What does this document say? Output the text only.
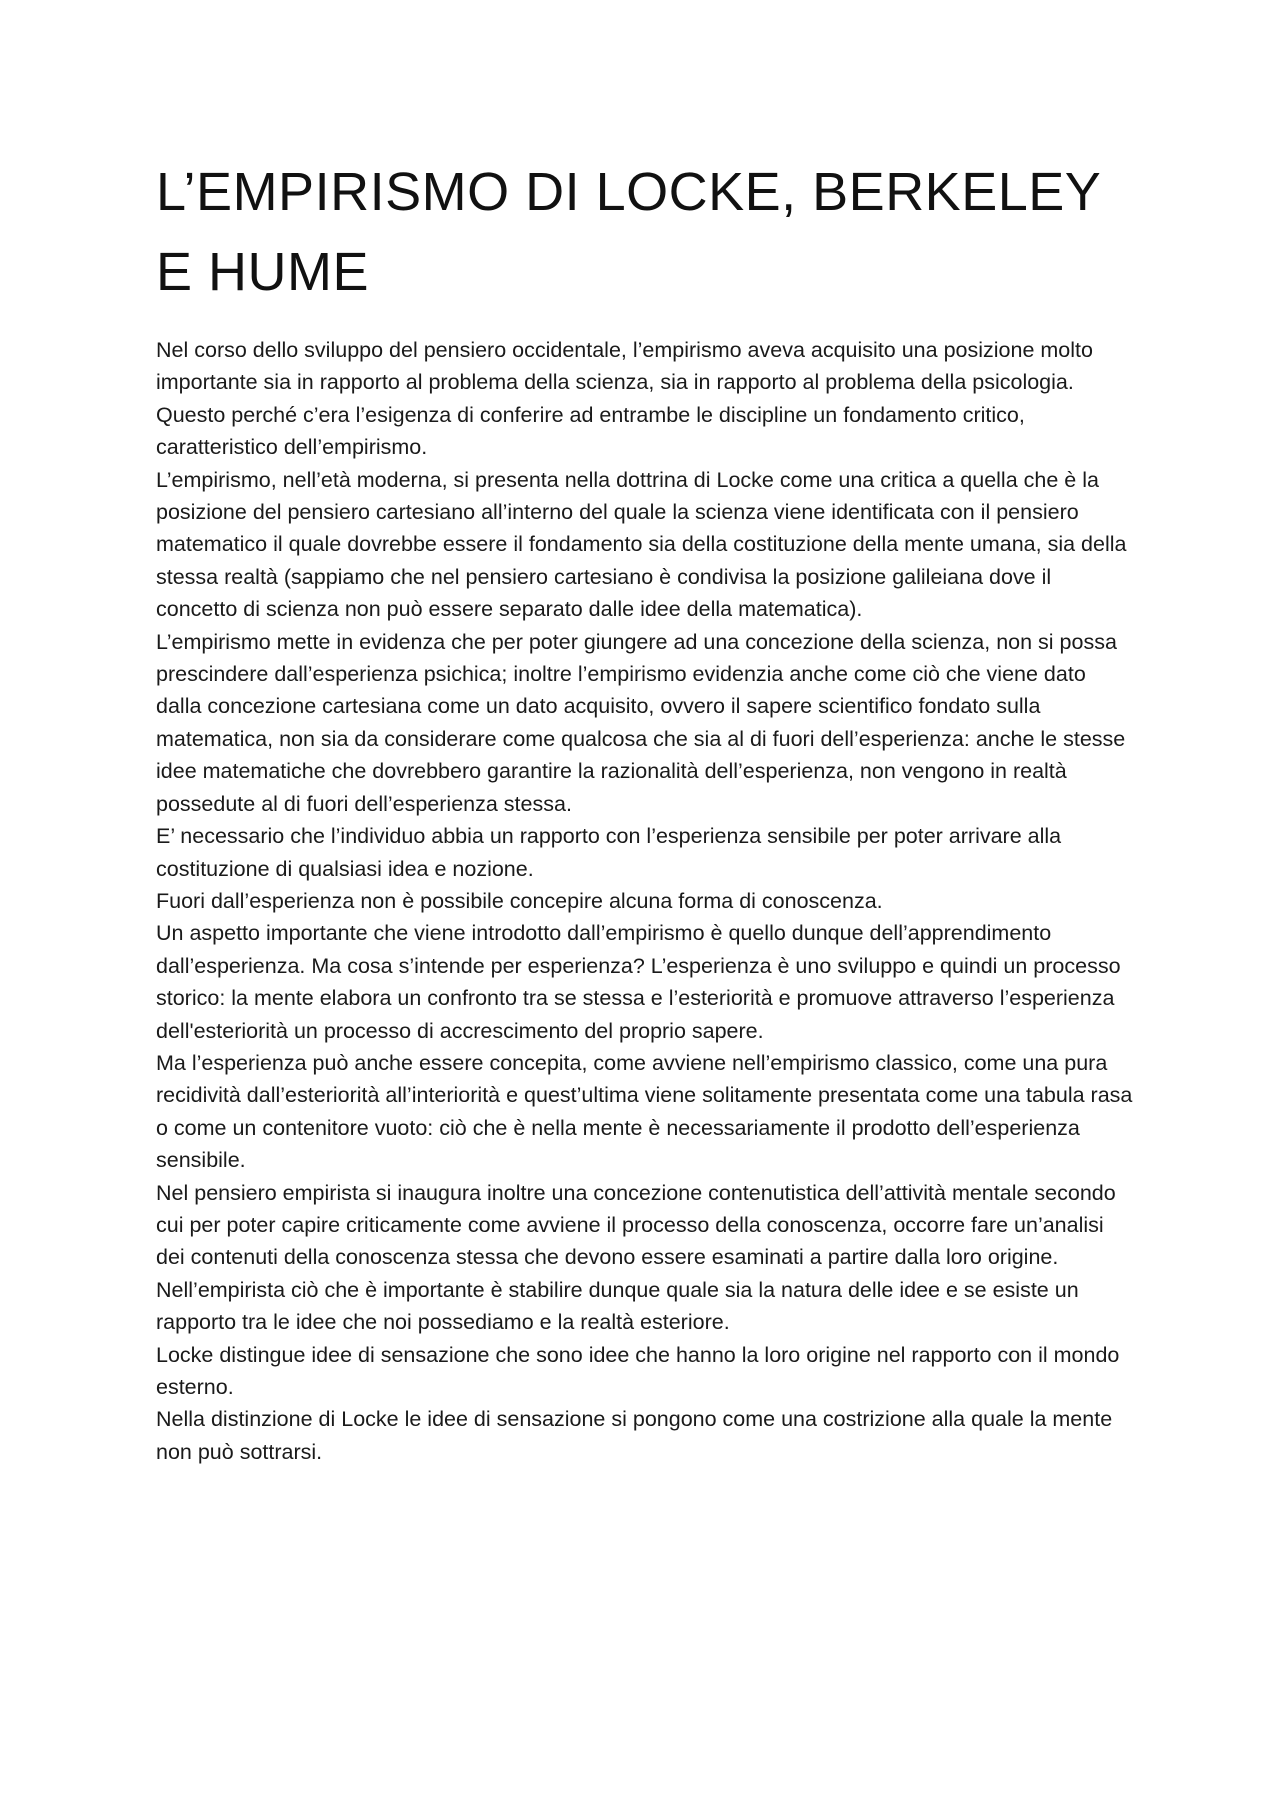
L’EMPIRISMO DI LOCKE, BERKELEY
E HUME

Nel corso dello sviluppo del pensiero occidentale, l’empirismo aveva acquisito una posizione molto importante sia in rapporto al problema della scienza, sia in rapporto al problema della psicologia.

Questo perché c’era l’esigenza di conferire ad entrambe le discipline un fondamento critico, caratteristico dell’empirismo.

L’empirismo, nell’età moderna, si presenta nella dottrina di Locke come una critica a quella che è la posizione del pensiero cartesiano all’interno del quale la scienza viene identificata con il pensiero matematico il quale dovrebbe essere il fondamento sia della costituzione della mente umana, sia della stessa realtà (sappiamo che nel pensiero cartesiano è condivisa la posizione galileiana dove il concetto di scienza non può essere separato dalle idee della matematica).

L’empirismo mette in evidenza che per poter giungere ad una concezione della scienza, non si possa prescindere dall’esperienza psichica; inoltre l’empirismo evidenzia anche come ciò che viene dato dalla concezione cartesiana come un dato acquisito, ovvero il sapere scientifico fondato sulla matematica, non sia da considerare come qualcosa che sia al di fuori dell’esperienza: anche le stesse idee matematiche che dovrebbero garantire la razionalità dell’esperienza, non vengono in realtà possedute al di fuori dell’esperienza stessa.

E’ necessario che l’individuo abbia un rapporto con l’esperienza sensibile per poter arrivare alla costituzione di qualsiasi idea e nozione.

Fuori dall’esperienza non è possibile concepire alcuna forma di conoscenza.

Un aspetto importante che viene introdotto dall’empirismo è quello dunque dell’apprendimento dall’esperienza. Ma cosa s’intende per esperienza? L’esperienza è uno sviluppo e quindi un processo storico: la mente elabora un confronto tra se stessa e l’esteriorità e promuove attraverso l’esperienza dell'esteriorità un processo di accrescimento del proprio sapere.

Ma l’esperienza può anche essere concepita, come avviene nell’empirismo classico, come una pura recidività dall’esteriorità all’interiorità e quest’ultima viene solitamente presentata come una tabula rasa o come un contenitore vuoto: ciò che è nella mente è necessariamente il prodotto dell’esperienza sensibile.

Nel pensiero empirista si inaugura inoltre una concezione contenutistica dell’attività mentale secondo cui per poter capire criticamente come avviene il processo della conoscenza, occorre fare un’analisi dei contenuti della conoscenza stessa che devono essere esaminati a partire dalla loro origine.

Nell’empirista ciò che è importante è stabilire dunque quale sia la natura delle idee e se esiste un rapporto tra le idee che noi possediamo e la realtà esteriore.

Locke distingue idee di sensazione che sono idee che hanno la loro origine nel rapporto con il mondo esterno.

Nella distinzione di Locke le idee di sensazione si pongono come una costrizione alla quale la mente non può sottrarsi.
